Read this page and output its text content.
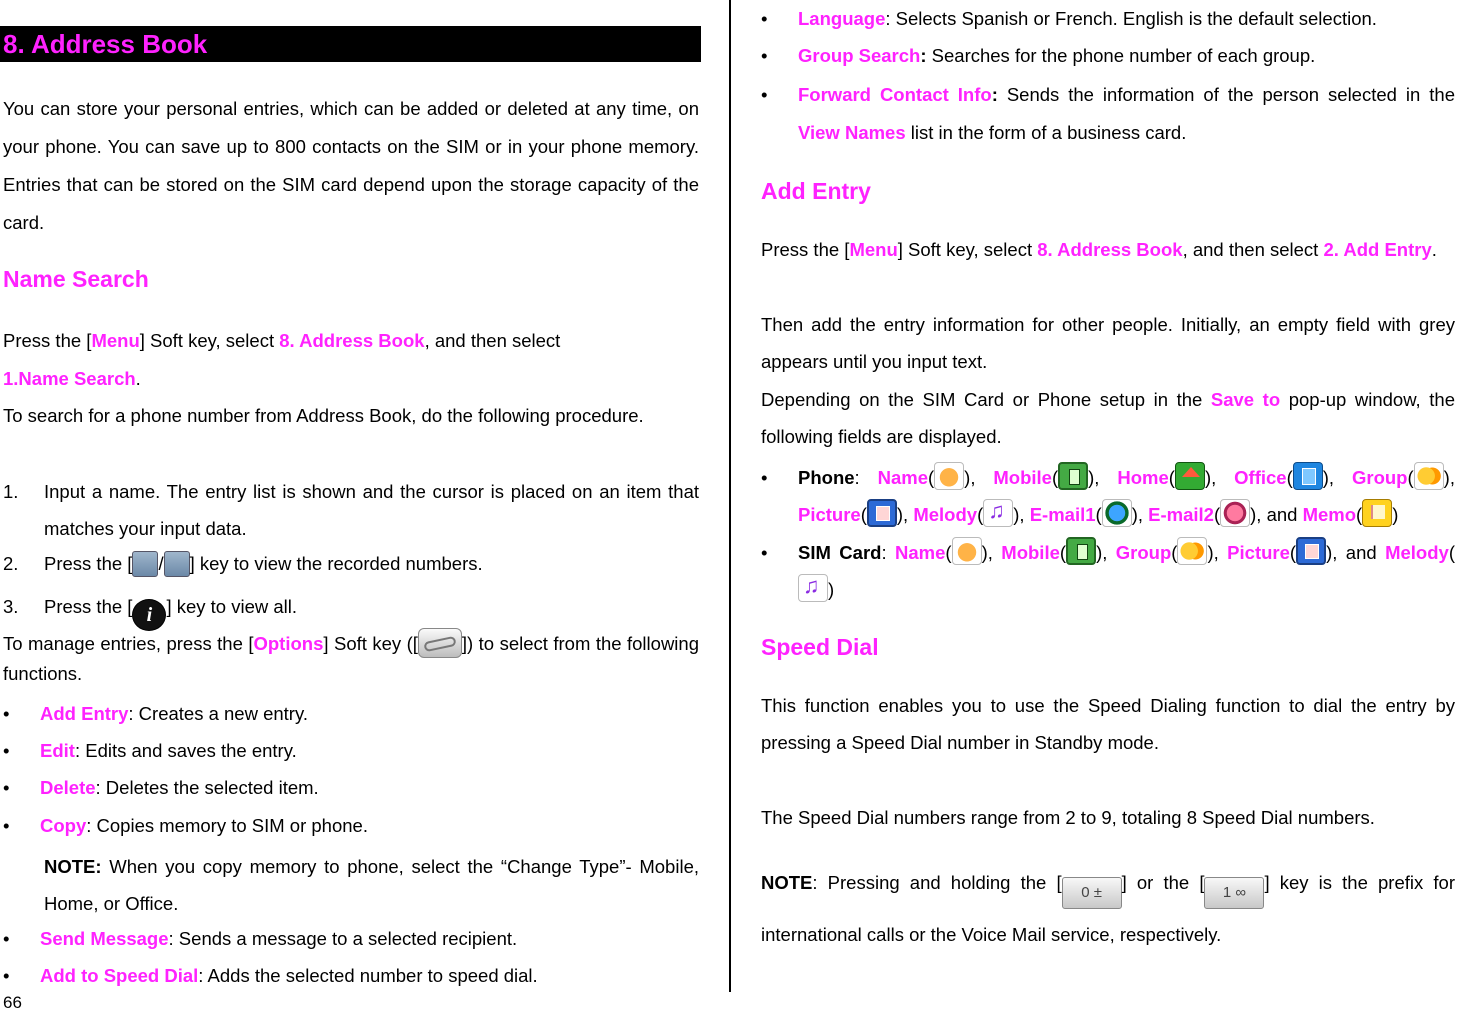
8. Address Book

You can store your personal entries, which can be added or deleted at any time, on your phone. You can save up to 800 contacts on the SIM or in your phone memory. Entries that can be stored on the SIM card depend upon the storage capacity of the card.

Name Search

Press the [Menu] Soft key, select 8. Address Book, and then select
1.Name Search.

To search for a phone number from Address Book, do the following procedure.

1. Input a name. The entry list is shown and the cursor is placed on an item that matches your input data.
2. Press the [ / ] key to view the recorded numbers.
3. Press the [ i ] key to view all.

To manage entries, press the [Options] Soft key ([ ]) to select from the following functions.

• Add Entry: Creates a new entry.
• Edit: Edits and saves the entry.
• Delete: Deletes the selected item.
• Copy: Copies memory to SIM or phone.

NOTE: When you copy memory to phone, select the “Change Type”- Mobile, Home, or Office.

• Send Message: Sends a message to a selected recipient.
• Add to Speed Dial: Adds the selected number to speed dial.
66
• Language: Selects Spanish or French. English is the default selection.
• Group Search: Searches for the phone number of each group.
• Forward Contact Info: Sends the information of the person selected in the View Names list in the form of a business card.
Add Entry

Press the [Menu] Soft key, select 8. Address Book, and then select 2. Add Entry.

Then add the entry information for other people. Initially, an empty field with grey appears until you input text.

Depending on the SIM Card or Phone setup in the Save to pop-up window, the following fields are displayed.

• Phone: Name( ), Mobile( ), Home( ), Office( ), Group( ), Picture( ), Melody(♫ ), E-mail1( ), E-mail2( ), and Memo( )
• SIM Card: Name( ), Mobile( ), Group( ), Picture( ), and Melody(♫)
Speed Dial

This function enables you to use the Speed Dialing function to dial the entry by pressing a Speed Dial number in Standby mode.

The Speed Dial numbers range from 2 to 9, totaling 8 Speed Dial numbers.

NOTE: Pressing and holding the [ 0 ± ] or the [ 1 ∞ ] key is the prefix for international calls or the Voice Mail service, respectively.
